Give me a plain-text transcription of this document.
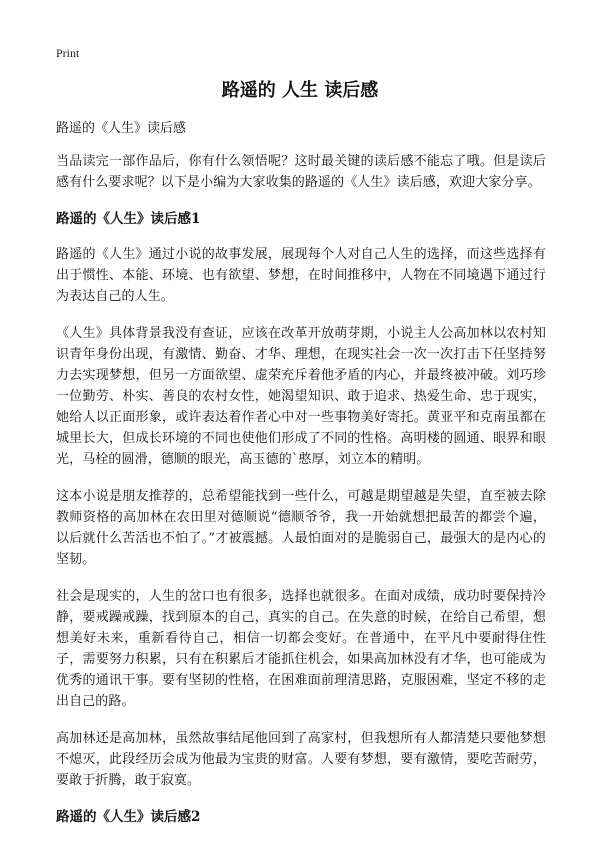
Print
路遥的 人生 读后感

路遥的《人生》读后感

当品读完一部作品后，你有什么领悟呢？这时最关键的读后感不能忘了哦。但是读后感有什么要求呢？以下是小编为大家收集的路遥的《人生》读后感，欢迎大家分享。

路遥的《人生》读后感1

路遥的《人生》通过小说的故事发展，展现每个人对自己人生的选择，而这些选择有出于惯性、本能、环境、也有欲望、梦想，在时间推移中，人物在不同境遇下通过行为表达自己的人生。

《人生》具体背景我没有查证，应该在改革开放萌芽期，小说主人公高加林以农村知识青年身份出现，有激情、勤奋、才华、理想，在现实社会一次一次打击下任坚持努力去实现梦想，但另一方面欲望、虚荣充斥着他矛盾的内心，并最终被冲破。刘巧珍一位勤劳、朴实、善良的农村女性，她渴望知识、敢于追求、热爱生命、忠于现实，她给人以正面形象，或许表达着作者心中对一些事物美好寄托。黄亚平和克南虽都在城里长大，但成长环境的不同也使他们形成了不同的性格。高明楼的圆通、眼界和眼光，马栓的圆滑，德顺的眼光，高玉德的`憨厚，刘立本的精明。

这本小说是朋友推荐的，总希望能找到一些什么，可越是期望越是失望，直至被去除教师资格的高加林在农田里对德顺说“德顺爷爷，我一开始就想把最苦的都尝个遍，以后就什么苦活也不怕了。”才被震撼。人最怕面对的是脆弱自己，最强大的是内心的坚韧。

社会是现实的，人生的岔口也有很多，选择也就很多。在面对成绩，成功时要保持冷静，要戒躁戒躁，找到原本的自己，真实的自己。在失意的时候，在给自己希望，想想美好未来，重新看待自己，相信一切都会变好。在普通中，在平凡中要耐得住性子，需要努力积累，只有在积累后才能抓住机会，如果高加林没有才华，也可能成为优秀的通讯干事。要有坚韧的性格，在困难面前理清思路，克服困难，坚定不移的走出自己的路。

高加林还是高加林，虽然故事结尾他回到了高家村，但我想所有人都清楚只要他梦想不熄灭，此段经历会成为他最为宝贵的财富。人要有梦想，要有激情，要吃苦耐劳，要敢于折腾，敢于寂寞。

路遥的《人生》读后感2
